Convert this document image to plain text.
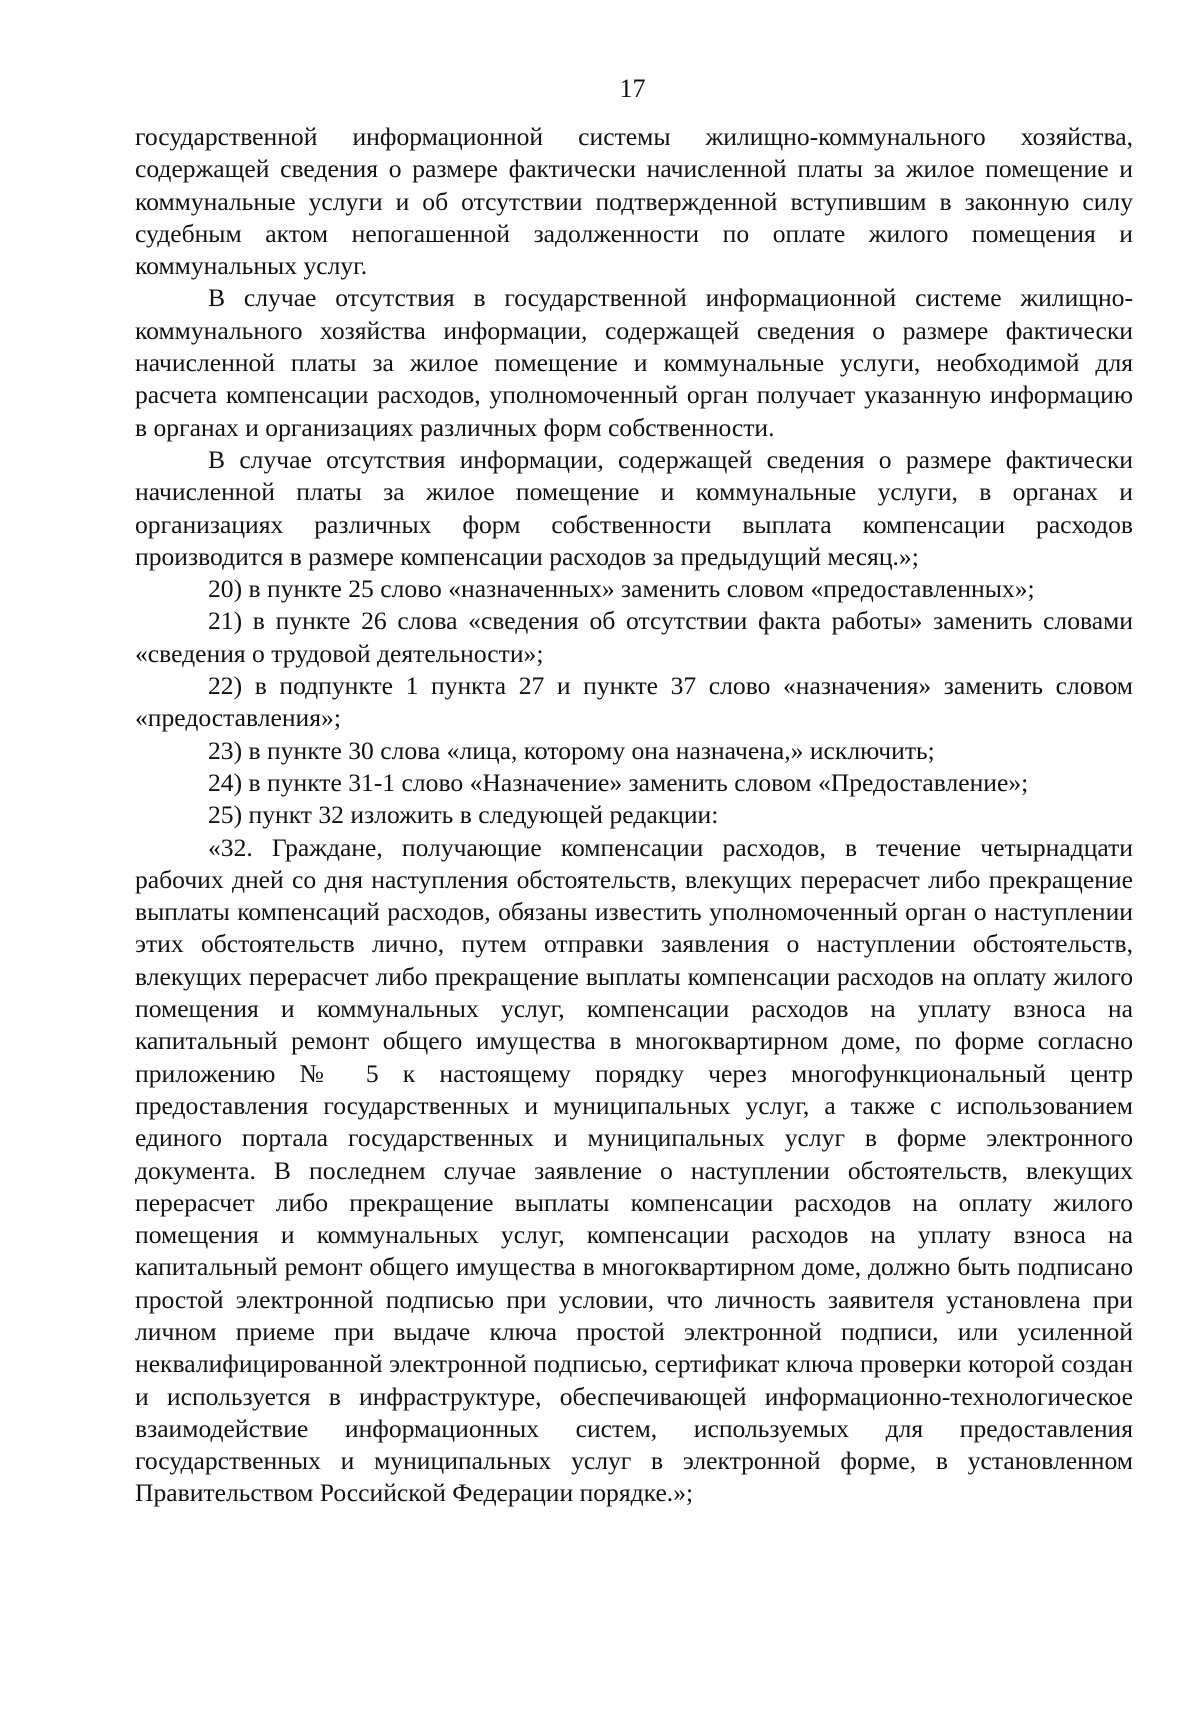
17

государственной информационной системы жилищно-коммунального хозяйства, содержащей сведения о размере фактически начисленной платы за жилое помещение и коммунальные услуги и об отсутствии подтвержденной вступившим в законную силу судебным актом непогашенной задолженности по оплате жилого помещения и коммунальных услуг.

В случае отсутствия в государственной информационной системе жилищно-коммунального хозяйства информации, содержащей сведения о размере фактически начисленной платы за жилое помещение и коммунальные услуги, необходимой для расчета компенсации расходов, уполномоченный орган получает указанную информацию в органах и организациях различных форм собственности.

В случае отсутствия информации, содержащей сведения о размере фактически начисленной платы за жилое помещение и коммунальные услуги, в органах и организациях различных форм собственности выплата компенсации расходов производится в размере компенсации расходов за предыдущий месяц.»;

20) в пункте 25 слово «назначенных» заменить словом «предоставленных»;

21) в пункте 26 слова «сведения об отсутствии факта работы» заменить словами «сведения о трудовой деятельности»;

22) в подпункте 1 пункта 27 и пункте 37 слово «назначения» заменить словом «предоставления»;

23) в пункте 30 слова «лица, которому она назначена,» исключить;

24) в пункте 31-1 слово «Назначение» заменить словом «Предоставление»;

25) пункт 32 изложить в следующей редакции:

«32. Граждане, получающие компенсации расходов, в течение четырнадцати рабочих дней со дня наступления обстоятельств, влекущих перерасчет либо прекращение выплаты компенсаций расходов, обязаны известить уполномоченный орган о наступлении этих обстоятельств лично, путем отправки заявления о наступлении обстоятельств, влекущих перерасчет либо прекращение выплаты компенсации расходов на оплату жилого помещения и коммунальных услуг, компенсации расходов на уплату взноса на капитальный ремонт общего имущества в многоквартирном доме, по форме согласно приложению № 5 к настоящему порядку через многофункциональный центр предоставления государственных и муниципальных услуг, а также с использованием единого портала государственных и муниципальных услуг в форме электронного документа. В последнем случае заявление о наступлении обстоятельств, влекущих перерасчет либо прекращение выплаты компенсации расходов на оплату жилого помещения и коммунальных услуг, компенсации расходов на уплату взноса на капитальный ремонт общего имущества в многоквартирном доме, должно быть подписано простой электронной подписью при условии, что личность заявителя установлена при личном приеме при выдаче ключа простой электронной подписи, или усиленной неквалифицированной электронной подписью, сертификат ключа проверки которой создан и используется в инфраструктуре, обеспечивающей информационно-технологическое взаимодействие информационных систем, используемых для предоставления государственных и муниципальных услуг в электронной форме, в установленном Правительством Российской Федерации порядке.»;
